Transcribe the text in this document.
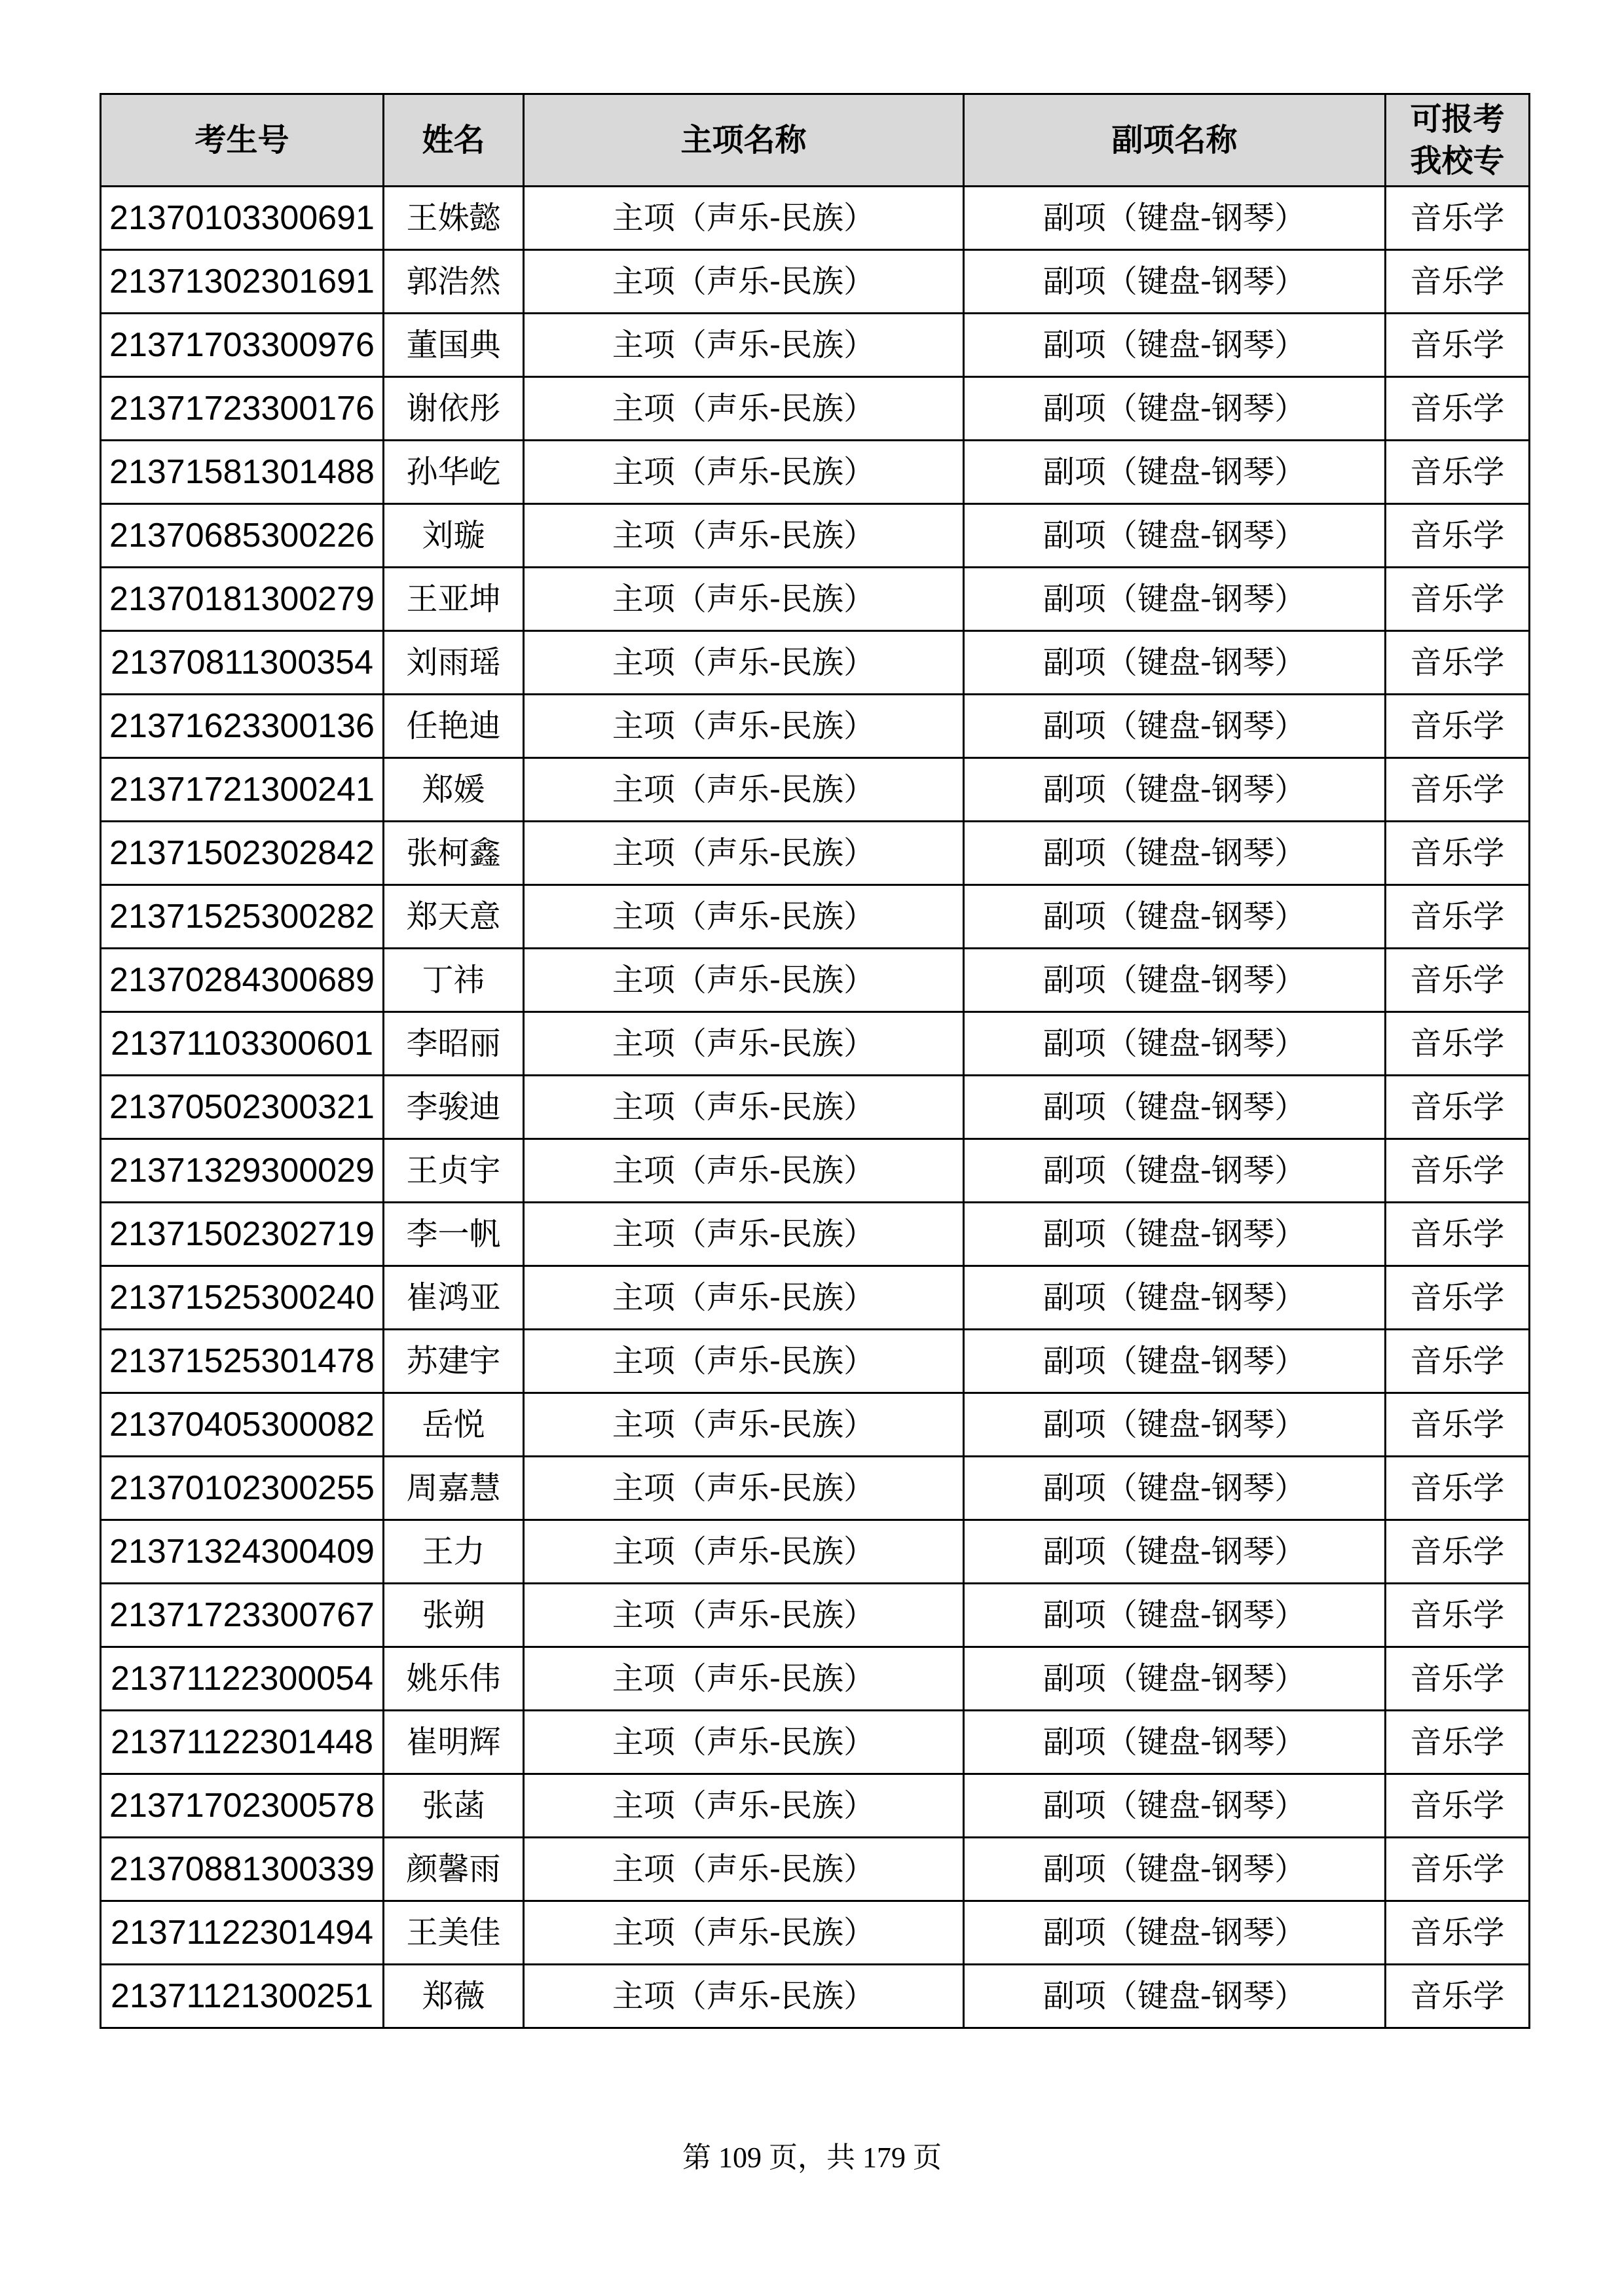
考生号	姓名	主项名称	副项名称	可报考我校专
21370103300691	王姝懿	主项（声乐-民族）	副项（键盘-钢琴）	音乐学
21371302301691	郭浩然	主项（声乐-民族）	副项（键盘-钢琴）	音乐学
21371703300976	董国典	主项（声乐-民族）	副项（键盘-钢琴）	音乐学
21371723300176	谢依彤	主项（声乐-民族）	副项（键盘-钢琴）	音乐学
21371581301488	孙华屹	主项（声乐-民族）	副项（键盘-钢琴）	音乐学
21370685300226	刘璇	主项（声乐-民族）	副项（键盘-钢琴）	音乐学
21370181300279	王亚坤	主项（声乐-民族）	副项（键盘-钢琴）	音乐学
21370811300354	刘雨瑶	主项（声乐-民族）	副项（键盘-钢琴）	音乐学
21371623300136	任艳迪	主项（声乐-民族）	副项（键盘-钢琴）	音乐学
21371721300241	郑媛	主项（声乐-民族）	副项（键盘-钢琴）	音乐学
21371502302842	张柯鑫	主项（声乐-民族）	副项（键盘-钢琴）	音乐学
21371525300282	郑天意	主项（声乐-民族）	副项（键盘-钢琴）	音乐学
21370284300689	丁祎	主项（声乐-民族）	副项（键盘-钢琴）	音乐学
21371103300601	李昭丽	主项（声乐-民族）	副项（键盘-钢琴）	音乐学
21370502300321	李骏迪	主项（声乐-民族）	副项（键盘-钢琴）	音乐学
21371329300029	王贞宇	主项（声乐-民族）	副项（键盘-钢琴）	音乐学
21371502302719	李一帆	主项（声乐-民族）	副项（键盘-钢琴）	音乐学
21371525300240	崔鸿亚	主项（声乐-民族）	副项（键盘-钢琴）	音乐学
21371525301478	苏建宇	主项（声乐-民族）	副项（键盘-钢琴）	音乐学
21370405300082	岳悦	主项（声乐-民族）	副项（键盘-钢琴）	音乐学
21370102300255	周嘉慧	主项（声乐-民族）	副项（键盘-钢琴）	音乐学
21371324300409	王力	主项（声乐-民族）	副项（键盘-钢琴）	音乐学
21371723300767	张朔	主项（声乐-民族）	副项（键盘-钢琴）	音乐学
21371122300054	姚乐伟	主项（声乐-民族）	副项（键盘-钢琴）	音乐学
21371122301448	崔明辉	主项（声乐-民族）	副项（键盘-钢琴）	音乐学
21371702300578	张菡	主项（声乐-民族）	副项（键盘-钢琴）	音乐学
21370881300339	颜馨雨	主项（声乐-民族）	副项（键盘-钢琴）	音乐学
21371122301494	王美佳	主项（声乐-民族）	副项（键盘-钢琴）	音乐学
21371121300251	郑薇	主项（声乐-民族）	副项（键盘-钢琴）	音乐学
第 109 页，共 179 页
